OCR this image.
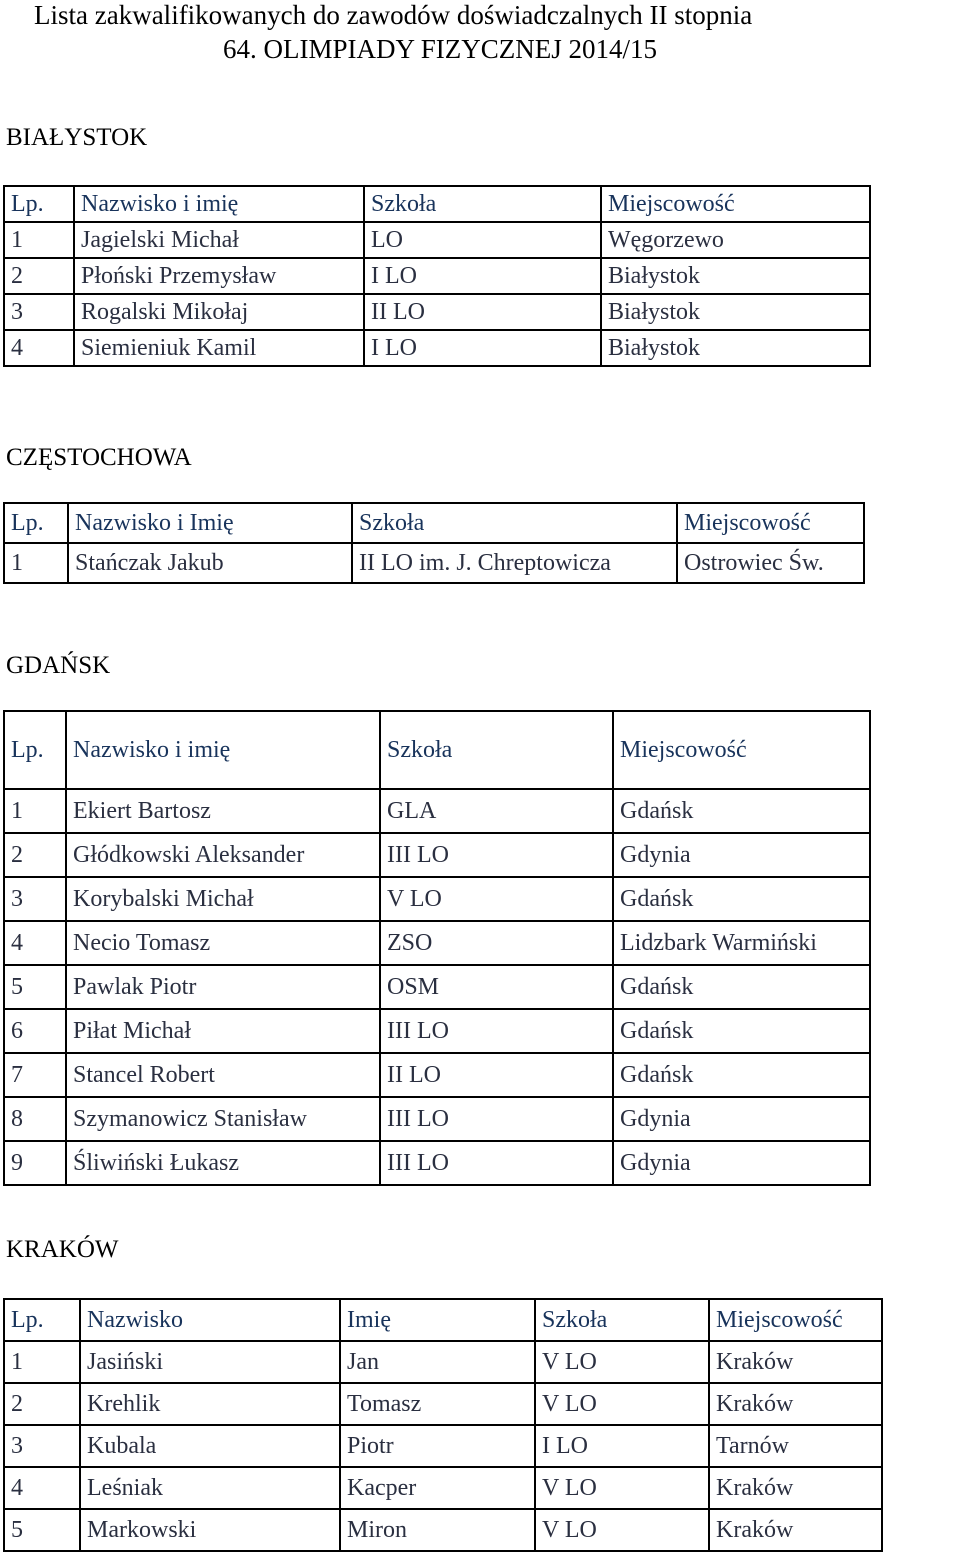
Lista zakwalifikowanych do zawodów doświadczalnych II stopnia
64. OLIMPIADY FIZYCZNEJ 2014/15
BIAŁYSTOK
Lp.	Nazwisko i imię	Szkoła	Miejscowość
1	Jagielski Michał	LO	Węgorzewo
2	Płoński Przemysław	I LO	Białystok
3	Rogalski Mikołaj	II LO	Białystok
4	Siemieniuk Kamil	I LO	Białystok
CZĘSTOCHOWA
Lp.	Nazwisko i Imię	Szkoła	Miejscowość
1	Stańczak Jakub	II LO im. J. Chreptowicza	Ostrowiec Św.
GDAŃSK
Lp.	Nazwisko i imię	Szkoła	Miejscowość
1	Ekiert Bartosz	GLA	Gdańsk
2	Głódkowski Aleksander	III LO	Gdynia
3	Korybalski Michał	V LO	Gdańsk
4	Necio Tomasz	ZSO	Lidzbark Warmiński
5	Pawlak Piotr	OSM	Gdańsk
6	Piłat Michał	III LO	Gdańsk
7	Stancel Robert	II LO	Gdańsk
8	Szymanowicz Stanisław	III LO	Gdynia
9	Śliwiński Łukasz	III LO	Gdynia
KRAKÓW
Lp.	Nazwisko	Imię	Szkoła	Miejscowość
1	Jasiński	Jan	V LO	Kraków
2	Krehlik	Tomasz	V LO	Kraków
3	Kubala	Piotr	I LO	Tarnów
4	Leśniak	Kacper	V LO	Kraków
5	Markowski	Miron	V LO	Kraków
